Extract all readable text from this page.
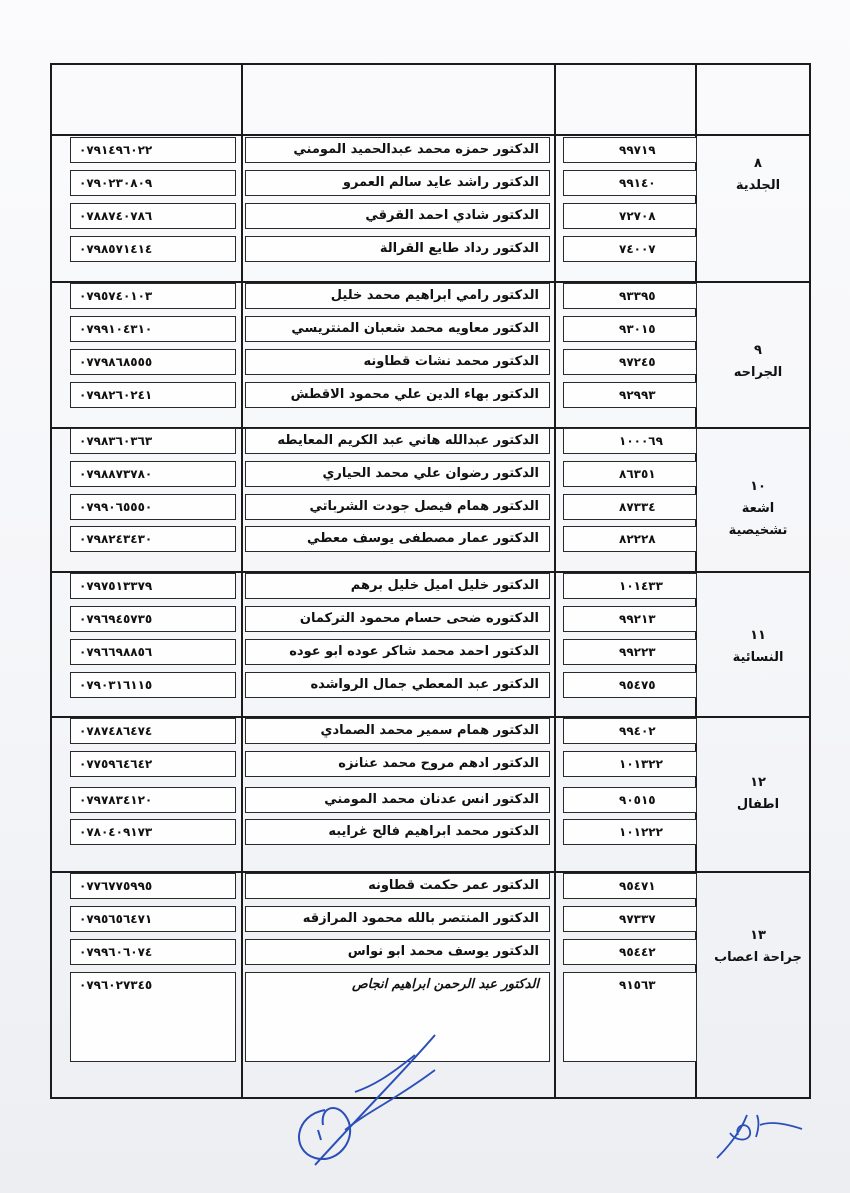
٨
الجلدية
٠٧٩١٤٩٦٠٢٢	الدكتور حمزه محمد عبدالحميد المومني	٩٩٧١٩
٠٧٩٠٢٣٠٨٠٩	الدكتور راشد عايد سالم العمرو	٩٩١٤٠
٠٧٨٨٧٤٠٧٨٦	الدكتور شادي احمد القرقي	٧٢٧٠٨
٠٧٩٨٥٧١٤١٤	الدكتور رداد طايع القرالة	٧٤٠٠٧
٩
الجراحه
٠٧٩٥٧٤٠١٠٣	الدكتور رامي ابراهيم محمد خليل	٩٣٣٩٥
٠٧٩٩١٠٤٣١٠	الدكتور معاويه محمد شعبان المنتريسي	٩٣٠١٥
٠٧٧٩٨٦٨٥٥٥	الدكتور محمد نشات قطاونه	٩٧٢٤٥
٠٧٩٨٢٦٠٢٤١	الدكتور بهاء الدين علي محمود الاقطش	٩٢٩٩٣
١٠
اشعة تشخيصية
٠٧٩٨٣٦٠٣٦٣	الدكتور عبدالله هاني عبد الكريم المعايطه	١٠٠٠٦٩
٠٧٩٨٨٧٣٧٨٠	الدكتور رضوان علي محمد الحياري	٨٦٣٥١
٠٧٩٩٠٦٥٥٥٠	الدكتور همام فيصل جودت الشرباتي	٨٧٣٣٤
٠٧٩٨٢٤٣٤٣٠	الدكتور عمار مصطفى يوسف معطي	٨٢٢٢٨
١١
النسائية
٠٧٩٧٥١٣٣٧٩	الدكتور خليل اميل خليل برهم	١٠١٤٣٣
٠٧٩٦٩٤٥٧٣٥	الدكتوره ضحى حسام محمود التركمان	٩٩٢١٣
٠٧٩٦٦٩٨٨٥٦	الدكتور احمد محمد شاكر عوده ابو عوده	٩٩٢٢٣
٠٧٩٠٣١٦١١٥	الدكتور عبد المعطي جمال الرواشده	٩٥٤٧٥
١٢
اطفال
٠٧٨٧٤٨٦٤٧٤	الدكتور همام سمير محمد الصمادي	٩٩٤٠٢
٠٧٧٥٩٦٤٦٤٢	الدكتور ادهم مروح محمد عنانزه	١٠١٣٢٢
٠٧٩٧٨٣٤١٢٠	الدكتور انس عدنان محمد المومني	٩٠٥١٥
٠٧٨٠٤٠٩١٧٣	الدكتور محمد ابراهيم فالح غرايبه	١٠١٢٢٢
١٣
جراحة اعصاب
٠٧٧٦٧٧٥٩٩٥	الدكتور عمر حكمت قطاونه	٩٥٤٧١
٠٧٩٥٦٥٦٤٧١	الدكتور المنتصر بالله محمود المرازقه	٩٧٣٣٧
٠٧٩٩٦٠٦٠٧٤	الدكتور يوسف محمد ابو نواس	٩٥٤٤٢
٠٧٩٦٠٢٧٣٤٥	الدكتور عبد الرحمن ابراهيم انجاص	٩١٥٦٣
